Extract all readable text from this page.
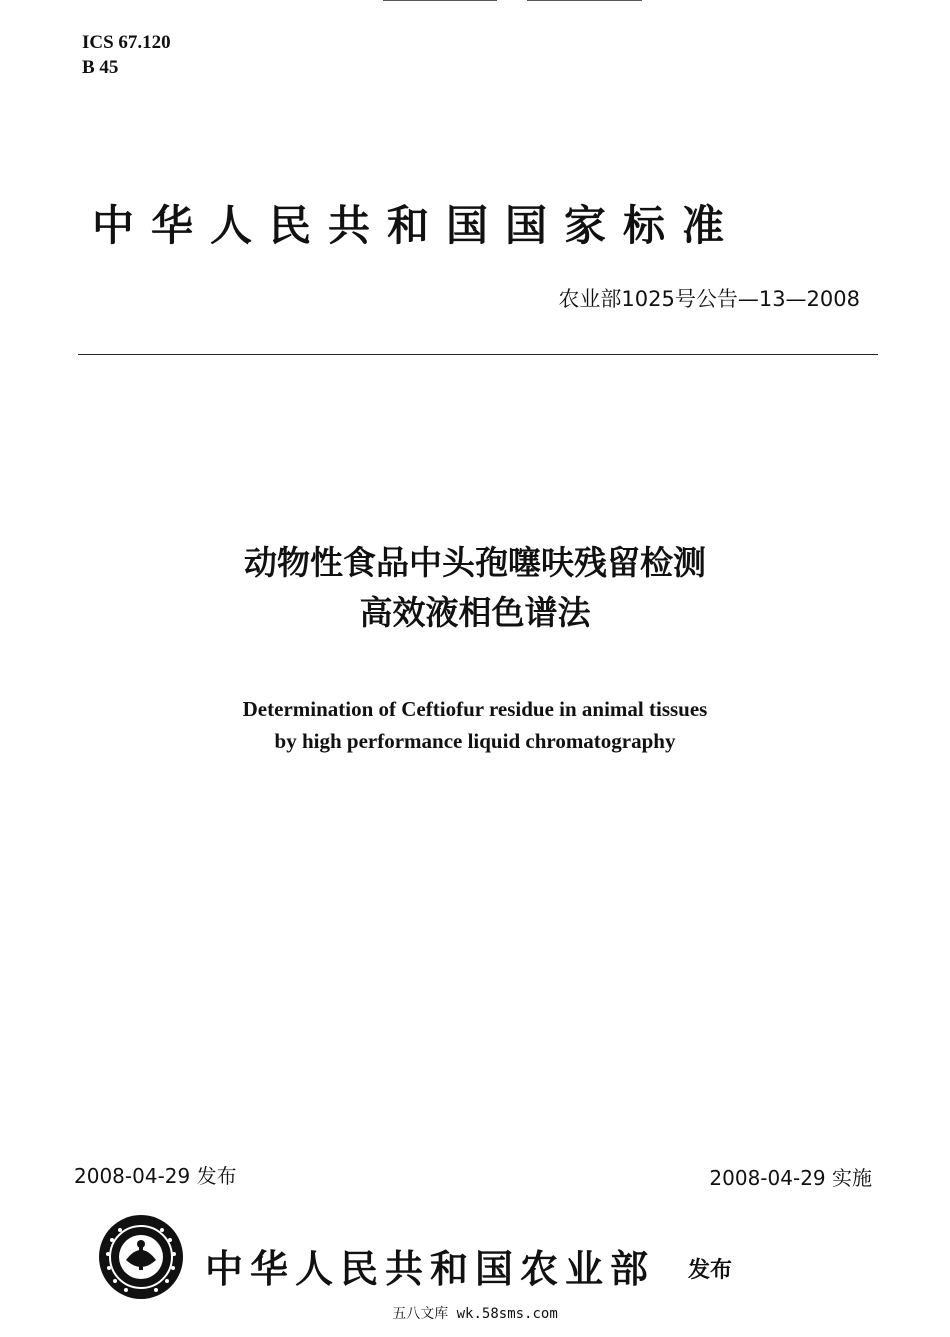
ICS 67.120
B 45
中华人民共和国国家标准
农业部1025号公告—13—2008
动物性食品中头孢噻呋残留检测
高效液相色谱法
Determination of Ceftiofur residue in animal tissues
by high performance liquid chromatography
2008-04-29 发布	2008-04-29 实施
中华人民共和国农业部 发布
五八文库 wk.58sms.com
